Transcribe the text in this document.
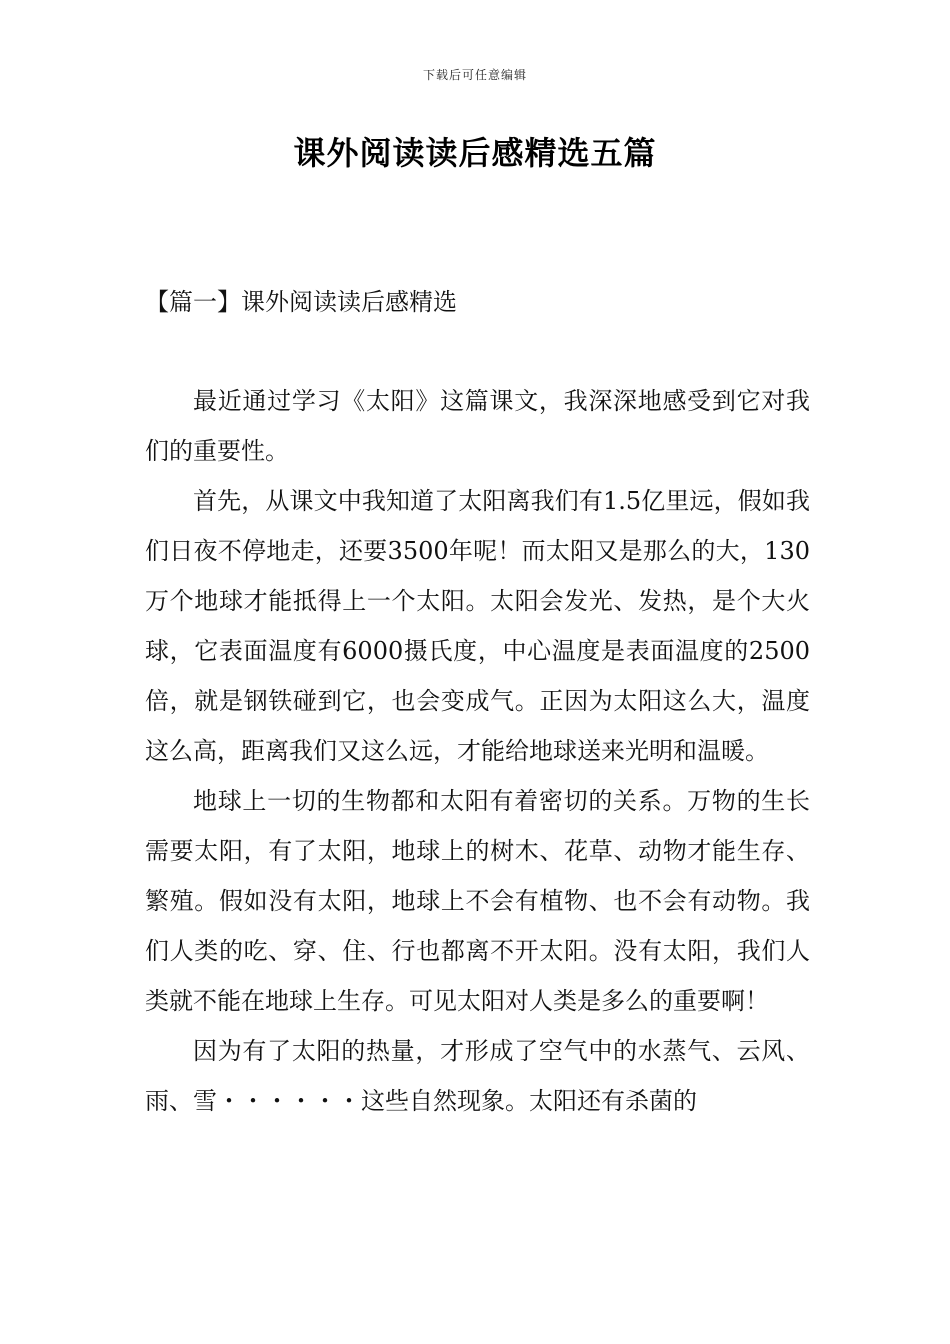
下载后可任意编辑
课外阅读读后感精选五篇
【篇一】课外阅读读后感精选

最近通过学习《太阳》这篇课文，我深深地感受到它对我们的重要性。

首先，从课文中我知道了太阳离我们有1.5亿里远，假如我们日夜不停地走，还要3500年呢！而太阳又是那么的大，130万个地球才能抵得上一个太阳。太阳会发光、发热，是个大火球，它表面温度有6000摄氏度，中心温度是表面温度的2500倍，就是钢铁碰到它，也会变成气。正因为太阳这么大，温度这么高，距离我们又这么远，才能给地球送来光明和温暖。

地球上一切的生物都和太阳有着密切的关系。万物的生长需要太阳，有了太阳，地球上的树木、花草、动物才能生存、繁殖。假如没有太阳，地球上不会有植物、也不会有动物。我们人类的吃、穿、住、行也都离不开太阳。没有太阳，我们人类就不能在地球上生存。可见太阳对人类是多么的重要啊！

因为有了太阳的热量，才形成了空气中的水蒸气、云风、雨、雪・・・・・・这些自然现象。太阳还有杀菌的
